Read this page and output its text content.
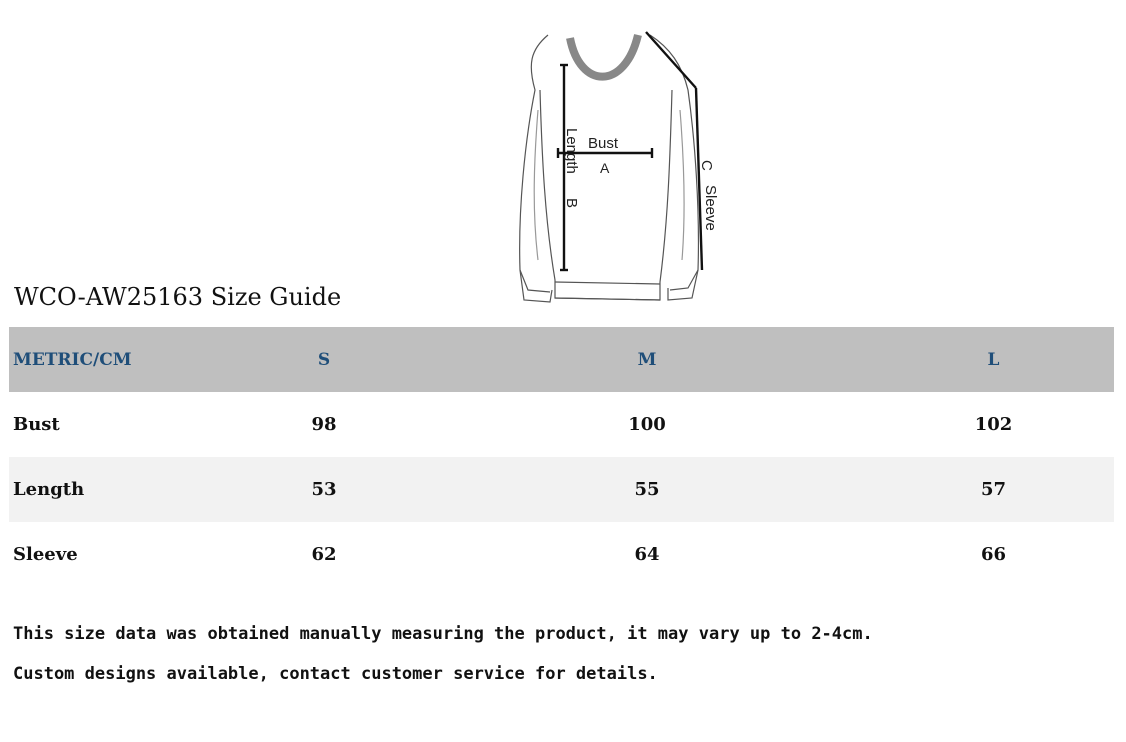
Bust
A
Length
B
C
Sleeve
WCO-AW25163 Size Guide
METRIC/CM	S	M	L
Bust	98	100	102
Length	53	55	57
Sleeve	62	64	66
This size data was obtained manually measuring the product, it may vary up to 2-4cm.
Custom designs available, contact customer service for details.
